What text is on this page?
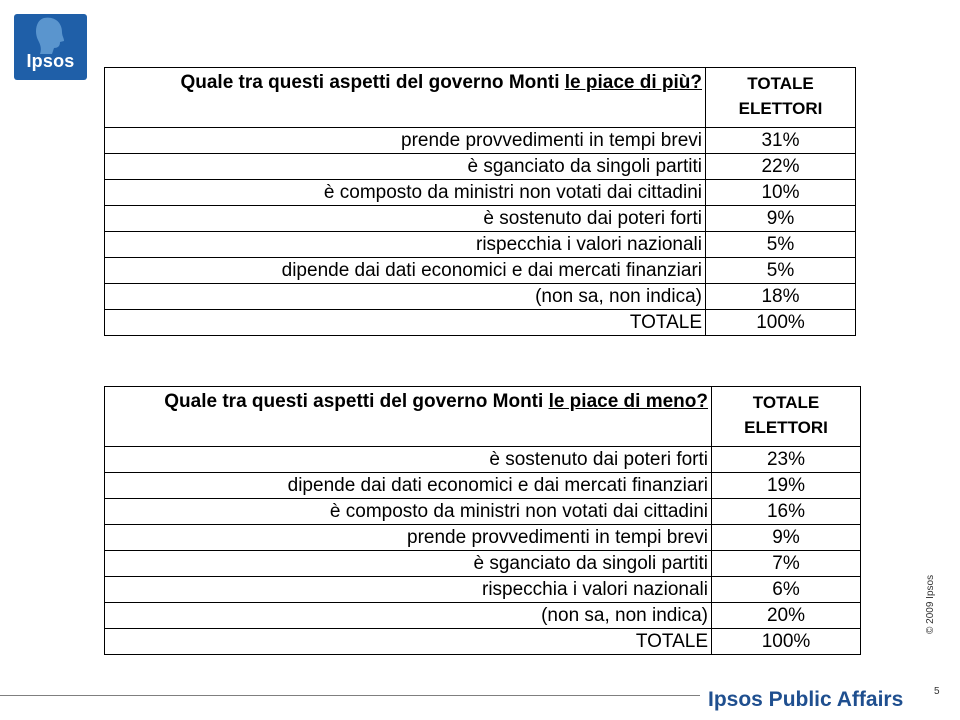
Ipsos
Quale tra questi aspetti del governo Monti le piace di più?	TOTALE ELETTORI
prende provvedimenti in tempi brevi	31%
è sganciato da singoli partiti	22%
è composto da ministri non votati dai cittadini	10%
è sostenuto dai poteri forti	9%
rispecchia i valori nazionali	5%
dipende dai dati economici e dai mercati finanziari	5%
(non sa, non indica)	18%
TOTALE	100%
Quale tra questi aspetti del governo Monti le piace di meno?	TOTALE ELETTORI
è sostenuto dai poteri forti	23%
dipende dai dati economici e dai mercati finanziari	19%
è composto da ministri non votati dai cittadini	16%
prende provvedimenti in tempi brevi	9%
è sganciato da singoli partiti	7%
rispecchia i valori nazionali	6%
(non sa, non indica)	20%
TOTALE	100%
© 2009 Ipsos
5
Ipsos Public Affairs
